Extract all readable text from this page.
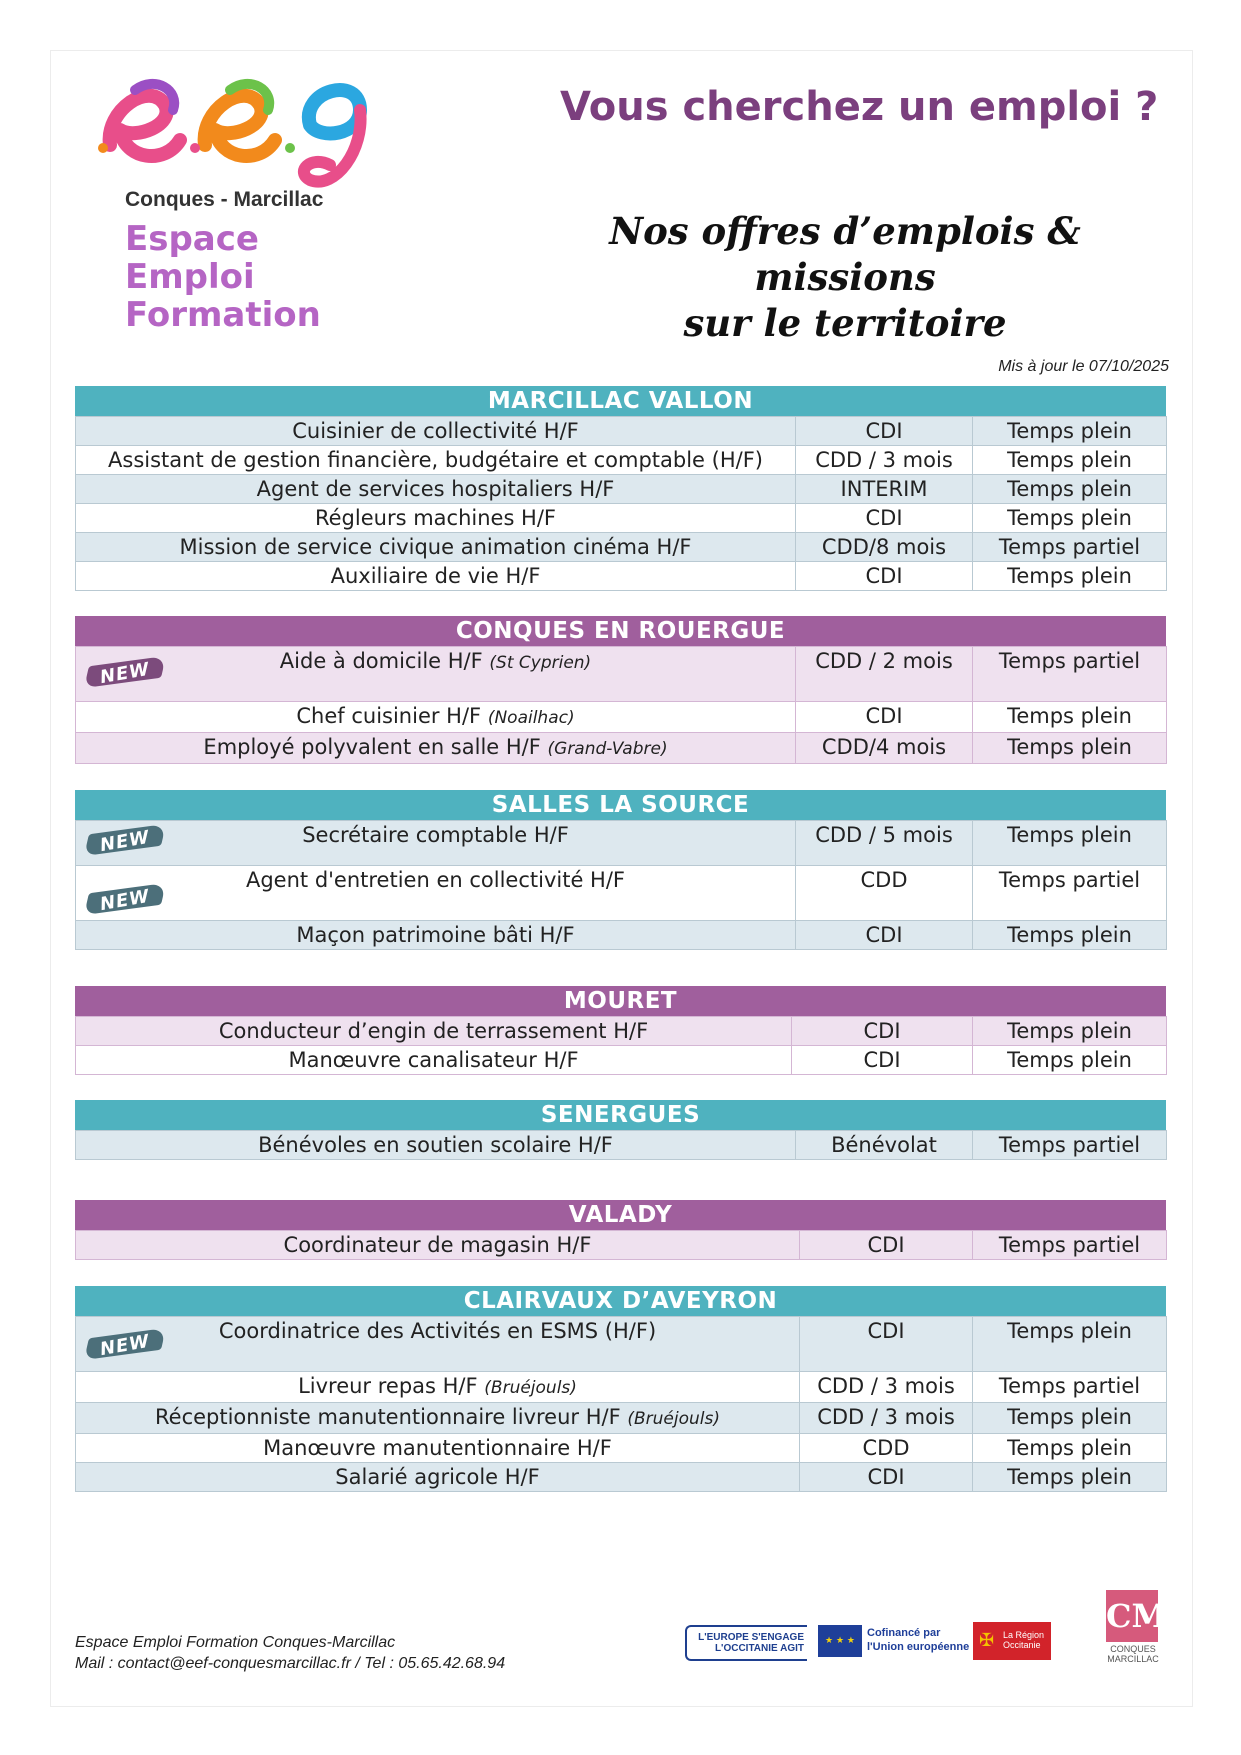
Conques - Marcillac
Espace
Emploi
Formation
Vous cherchez un emploi ?
Nos offres d’emplois & missions
sur le territoire
Mis à jour le 07/10/2025
MARCILLAC VALLON
Cuisinier de collectivité H/F	CDI	Temps plein
Assistant de gestion financière, budgétaire et comptable (H/F)	CDD / 3 mois	Temps plein
Agent de services hospitaliers H/F	INTERIM	Temps plein
Régleurs machines H/F	CDI	Temps plein
Mission de service civique animation cinéma H/F	CDD/8 mois	Temps partiel
Auxiliaire de vie H/F	CDI	Temps plein
CONQUES EN ROUERGUE
NEW Aide à domicile H/F (St Cyprien)	CDD / 2 mois	Temps partiel
Chef cuisinier H/F (Noailhac)	CDI	Temps plein
Employé polyvalent en salle H/F (Grand-Vabre)	CDD/4 mois	Temps plein
SALLES LA SOURCE
NEW Secrétaire comptable H/F	CDD / 5 mois	Temps plein

NEW
Agent d'entretien en collectivité H/F	CDD	Temps partiel
Maçon patrimoine bâti H/F	CDI	Temps plein
MOURET
Conducteur d’engin de terrassement H/F	CDI	Temps plein
Manœuvre canalisateur H/F	CDI	Temps plein
SENERGUES
Bénévoles en soutien scolaire H/F	Bénévolat	Temps partiel
VALADY
Coordinateur de magasin H/F	CDI	Temps partiel
CLAIRVAUX D’AVEYRON
NEW Coordinatrice des Activités en ESMS (H/F)	CDI	Temps plein
Livreur repas H/F (Bruéjouls)	CDD / 3 mois	Temps partiel
Réceptionniste manutentionnaire livreur H/F (Bruéjouls)	CDD / 3 mois	Temps plein
Manœuvre manutentionnaire H/F	CDD	Temps plein
Salarié agricole H/F	CDI	Temps plein
Espace Emploi Formation Conques-Marcillac
Mail : contact@eef-conquesmarcillac.fr / Tel : 05.65.42.68.94
L'EUROPE S'ENGAGE
L'OCCITANIE AGIT
★ ★ ★
Cofinancé par
l'Union européenne ✠ La Région Occitanie
CM
CONQUES
MARCILLAC
